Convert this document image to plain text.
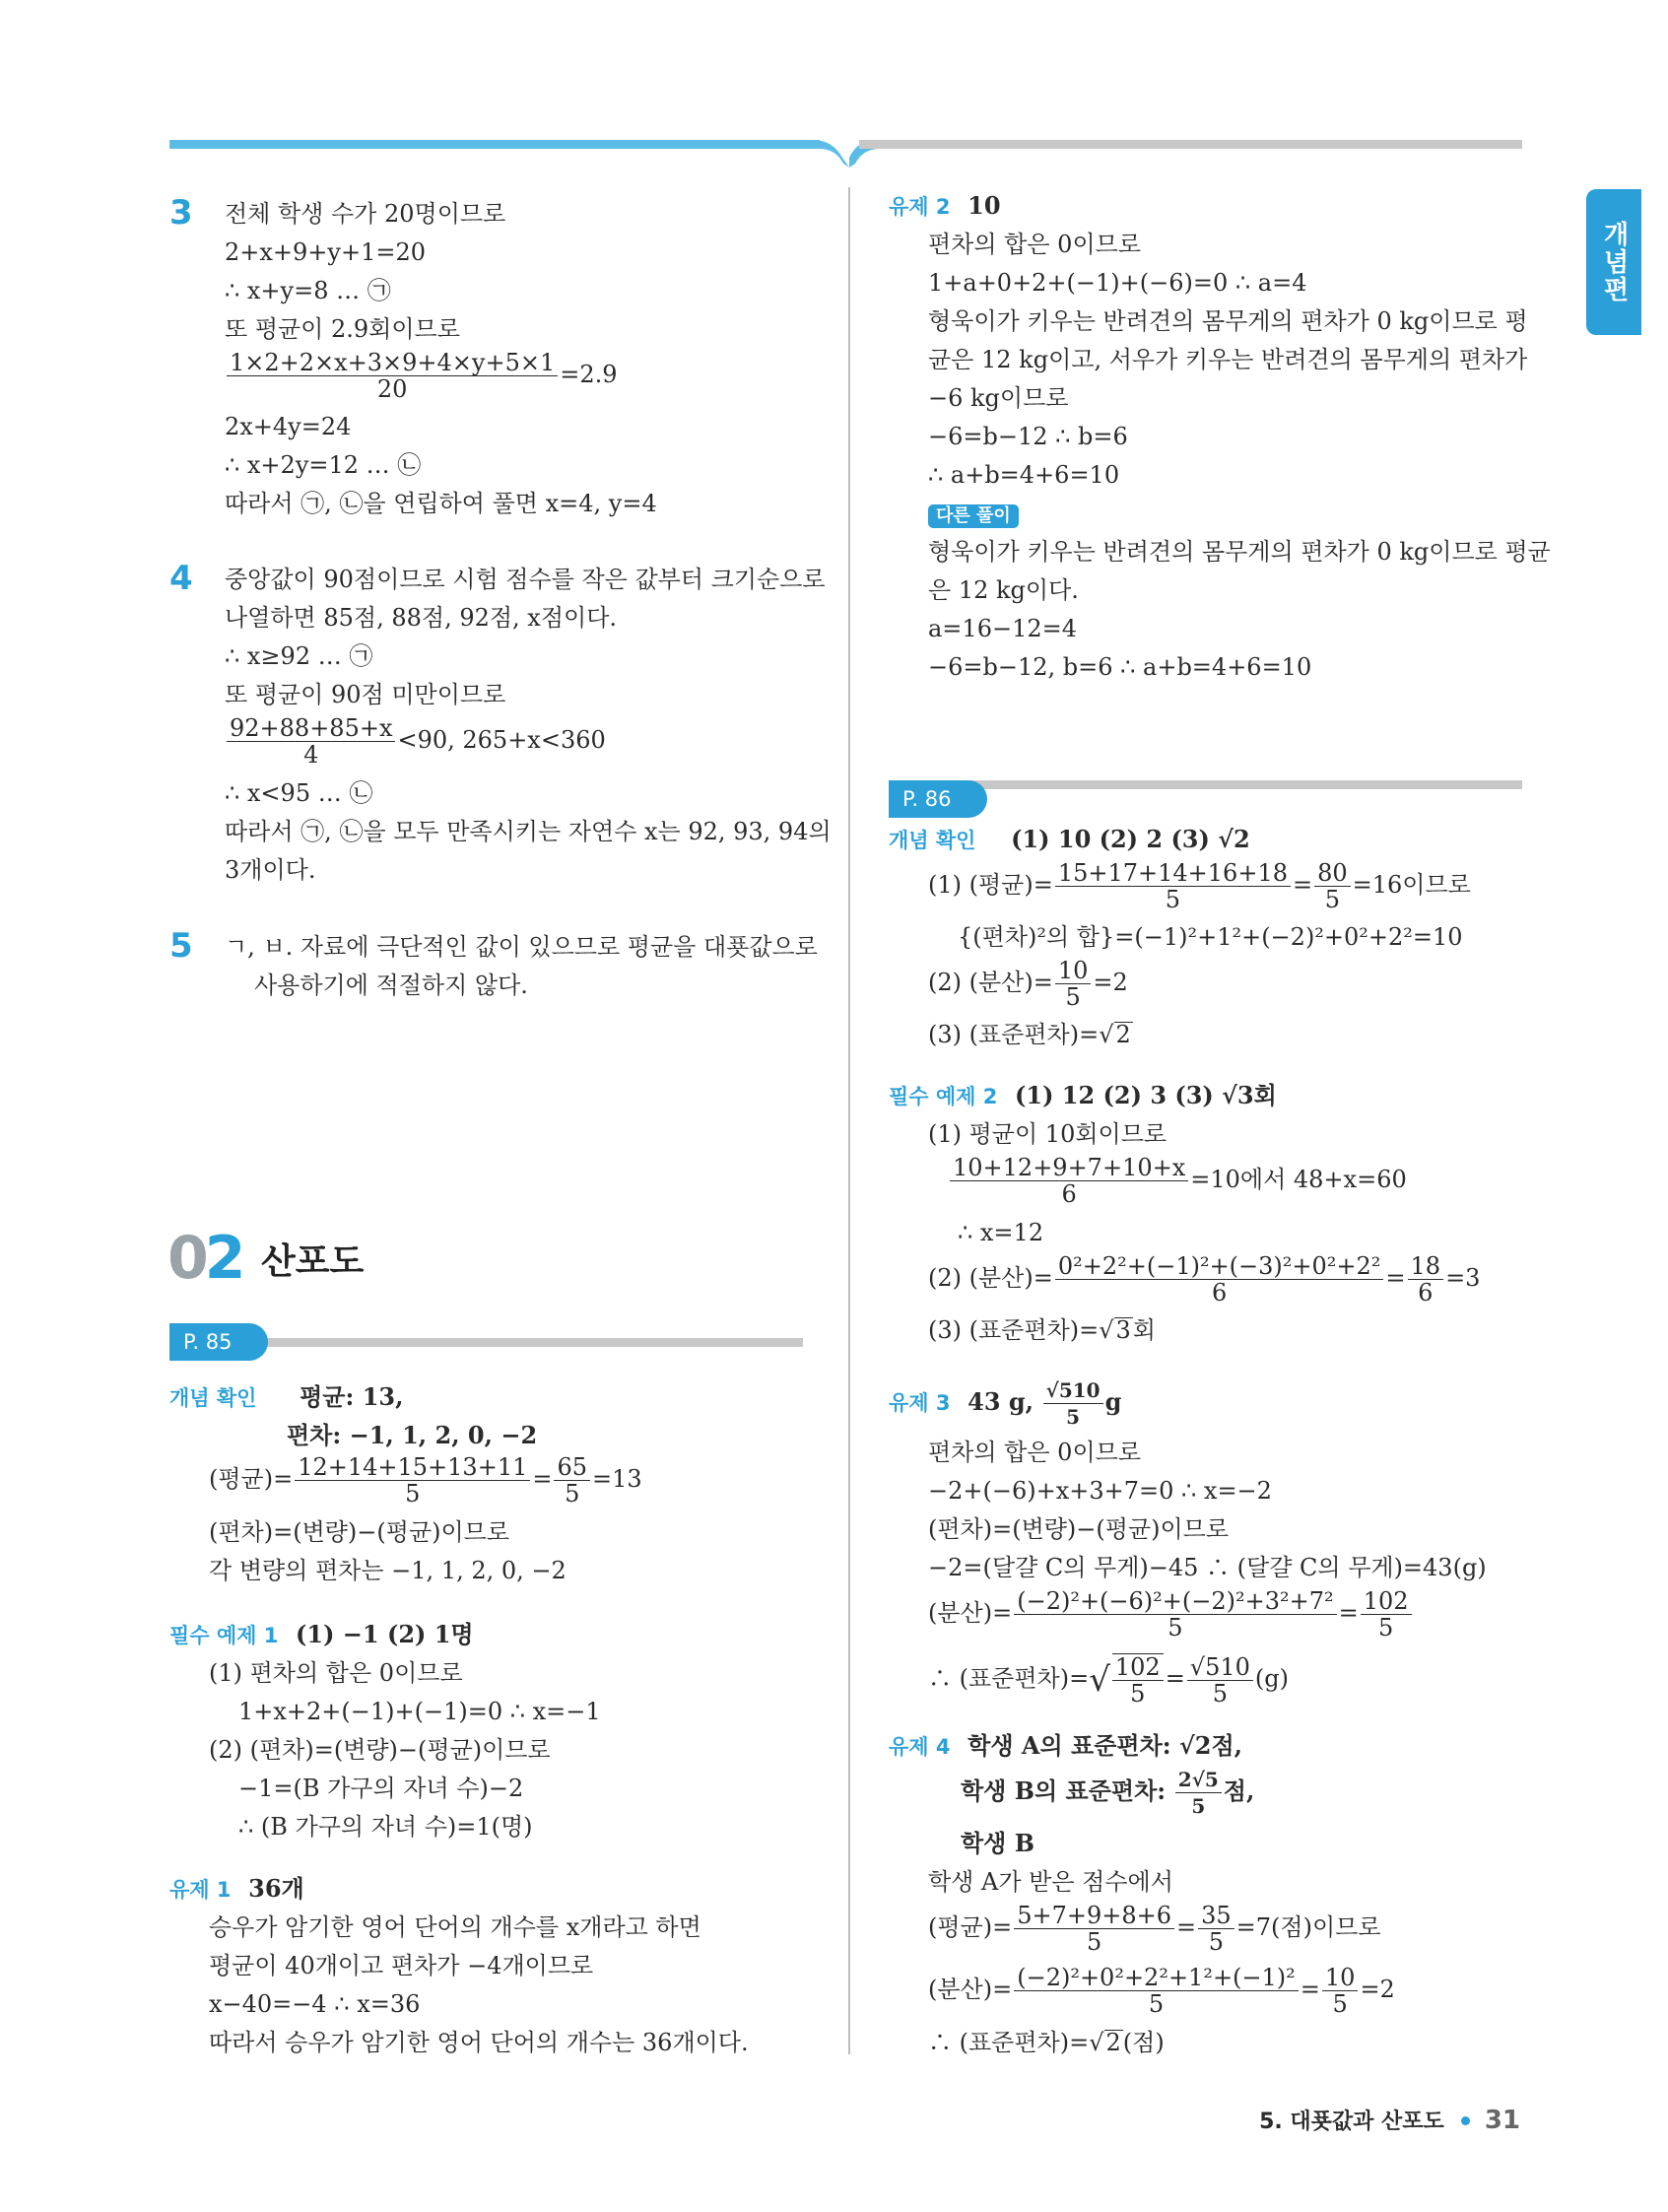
개념편
3 전체 학생 수가 20명이므로
2+x+9+y+1=20
∴ x+y=8 … ㉠
또 평균이 2.9회이므로
$\frac{1\times 2+2\times x+3\times 9+4\times y+5\times 1}{20} =2.9$
2x+4y=24
∴ x+2y=12 … ㉡
따라서 ㉠, ㉡을 연립하여 풀면 x=4, y=4
4 중앙값이 90점이므로 시험 점수를 작은 값부터 크기순으로
나열하면 85점, 88점, 92점, x점이다.
∴ x≥92 … ㉠
또 평균이 90점 미만이므로
$\frac{92+88+85+x}{4} <90$, 265+x<360
∴ x<95 … ㉡
따라서 ㉠, ㉡을 모두 만족시키는 자연수 x는 92, 93, 94의
3개이다.
5 ㄱ, ㅂ. 자료에 극단적인 값이 있으므로 평균을 대푯값으로
사용하기에 적절하지 않다.
02 산포도
P. 85
개념 확인 평균: 13,
편차: −1, 1, 2, 0, −2
(평균)= $\frac{12+14+15+13+11}{5} = \frac{65}{5} =13$
(편차)=(변량)−(평균)이므로
각 변량의 편차는 −1, 1, 2, 0, −2
필수 예제 1 (1) −1 (2) 1명
(1) 편차의 합은 0이므로
1+x+2+(−1)+(−1)=0 ∴ x=−1
(2) (편차)=(변량)−(평균)이므로
−1=(B 가구의 자녀 수)−2
∴ (B 가구의 자녀 수)=1(명)
유제 1 36개
승우가 암기한 영어 단어의 개수를 x개라고 하면
평균이 40개이고 편차가 −4개이므로
x−40=−4 ∴ x=36
따라서 승우가 암기한 영어 단어의 개수는 36개이다.
유제 2 10
편차의 합은 0이므로
1+a+0+2+(−1)+(−6)=0 ∴ a=4
형욱이가 키우는 반려견의 몸무게의 편차가 0 kg이므로 평
균은 12 kg이고, 서우가 키우는 반려견의 몸무게의 편차가
−6 kg이므로
−6=b−12 ∴ b=6
∴ a+b=4+6=10
다른 풀이
형욱이가 키우는 반려견의 몸무게의 편차가 0 kg이므로 평균
은 12 kg이다.
a=16−12=4
−6=b−12, b=6 ∴ a+b=4+6=10
P. 86
개념 확인 (1) 10 (2) 2 (3) √2
(1) (평균)= $\frac{15+17+14+16+18}{5} = \frac{80}{5} =16$이므로
{(편차)²의 합}=(−1)²+1²+(−2)²+0²+2²=10
(2) (분산)= $\frac{10}{5} =2$
(3) (표준편차)=√2
필수 예제 2 (1) 12 (2) 3 (3) √3회
(1) 평균이 10회이므로
$\frac{10+12+9+7+10+x}{6} =10$에서 48+x=60
∴ x=12
(2) (분산)= $\frac{\text{0²+2²+(−1)²+(−3)²+0²+2²}}{6} = \frac{18}{6} =3$
(3) (표준편차)=√3회
유제 3 43 g, $\frac{√510}{5}$ g
편차의 합은 0이므로
−2+(−6)+x+3+7=0 ∴ x=−2
(편차)=(변량)−(평균)이므로
−2=(달걀 C의 무게)−45 ∴ (달걀 C의 무게)=43(g)
(분산)= $\frac{\text{(−2)²+(−6)²+(−2)²+3²+7²}}{5} = \frac{102}{5}$
∴ (표준편차)=√ $\frac{102}{5} = \frac{√510}{5} (g)$
유제 4 학생 A의 표준편차: √2점,
학생 B의 표준편차: $\frac{2√5}{5}$ 점,
학생 B
학생 A가 받은 점수에서
(평균)= $\frac{5+7+9+8+6}{5} = \frac{35}{5} =7$(점)이므로
(분산)= $\frac{\text{(−2)²+0²+2²+1²+(−1)²}}{5} = \frac{10}{5} =2$
∴ (표준편차)=√2(점)
5. 대푯값과 산포도 31
